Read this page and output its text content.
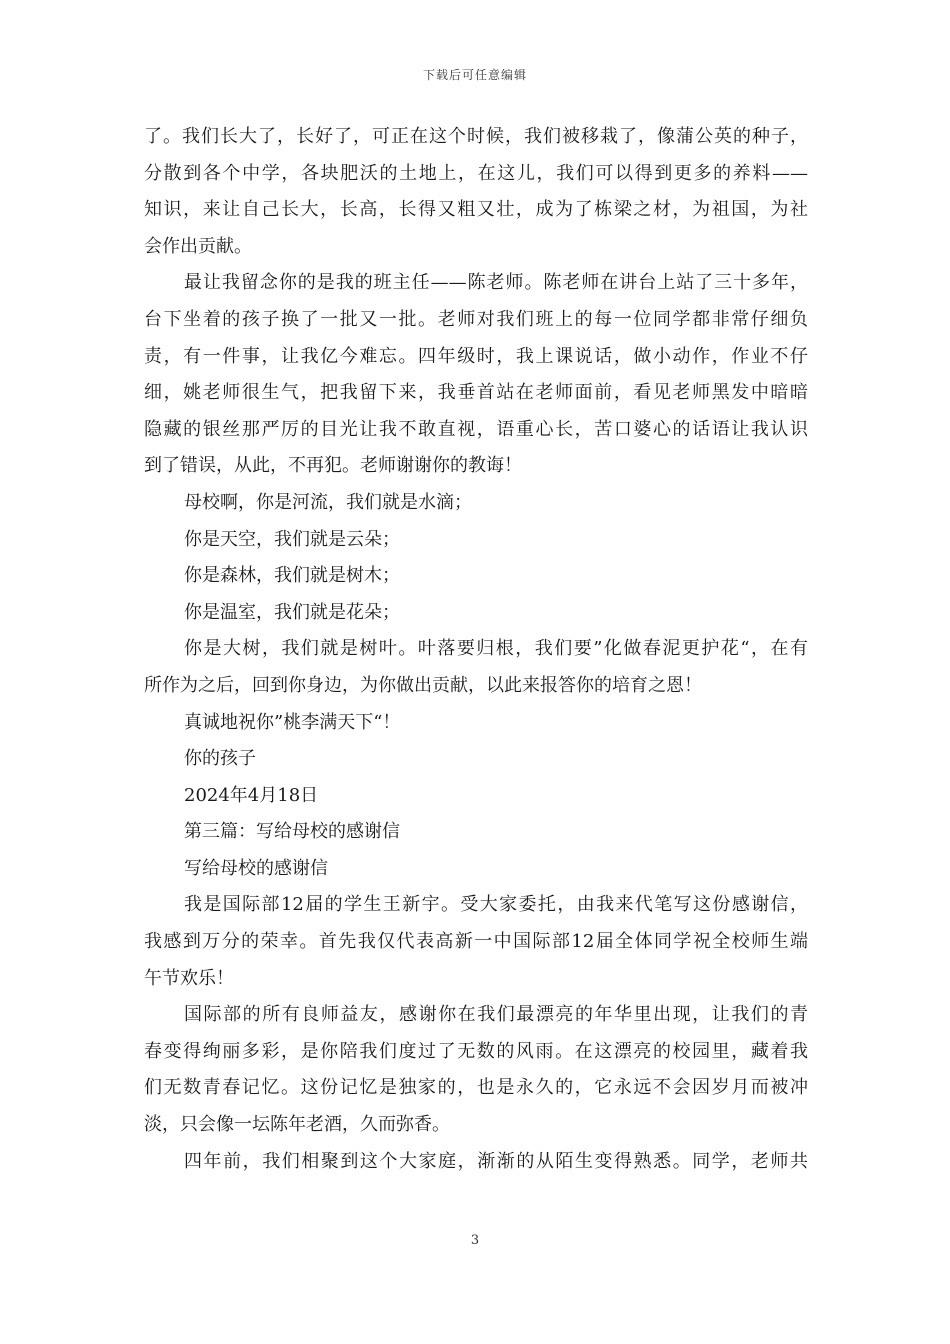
下载后可任意编辑
了。我们长大了，长好了，可正在这个时候，我们被移栽了，像蒲公英的种子，
分散到各个中学，各块肥沃的土地上，在这儿，我们可以得到更多的养料——
知识，来让自己长大，长高，长得又粗又壮，成为了栋梁之材，为祖国，为社
会作出贡献。
最让我留念你的是我的班主任——陈老师。陈老师在讲台上站了三十多年，
台下坐着的孩子换了一批又一批。老师对我们班上的每一位同学都非常仔细负
责，有一件事，让我亿今难忘。四年级时，我上课说话，做小动作，作业不仔
细，姚老师很生气，把我留下来，我垂首站在老师面前，看见老师黑发中暗暗
隐藏的银丝那严厉的目光让我不敢直视，语重心长，苦口婆心的话语让我认识
到了错误，从此，不再犯。老师谢谢你的教诲！
母校啊，你是河流，我们就是水滴；
你是天空，我们就是云朵；
你是森林，我们就是树木；
你是温室，我们就是花朵；
你是大树，我们就是树叶。叶落要归根，我们要”化做春泥更护花“，在有
所作为之后，回到你身边，为你做出贡献，以此来报答你的培育之恩！
真诚地祝你”桃李满天下“！
你的孩子
2024年4月18日
第三篇：写给母校的感谢信
写给母校的感谢信
我是国际部12届的学生王新宇。受大家委托，由我来代笔写这份感谢信，
我感到万分的荣幸。首先我仅代表高新一中国际部12届全体同学祝全校师生端
午节欢乐！
国际部的所有良师益友，感谢你在我们最漂亮的年华里出现，让我们的青
春变得绚丽多彩，是你陪我们度过了无数的风雨。在这漂亮的校园里，藏着我
们无数青春记忆。这份记忆是独家的，也是永久的，它永远不会因岁月而被冲
淡，只会像一坛陈年老酒，久而弥香。
四年前，我们相聚到这个大家庭，渐渐的从陌生变得熟悉。同学，老师共
3
